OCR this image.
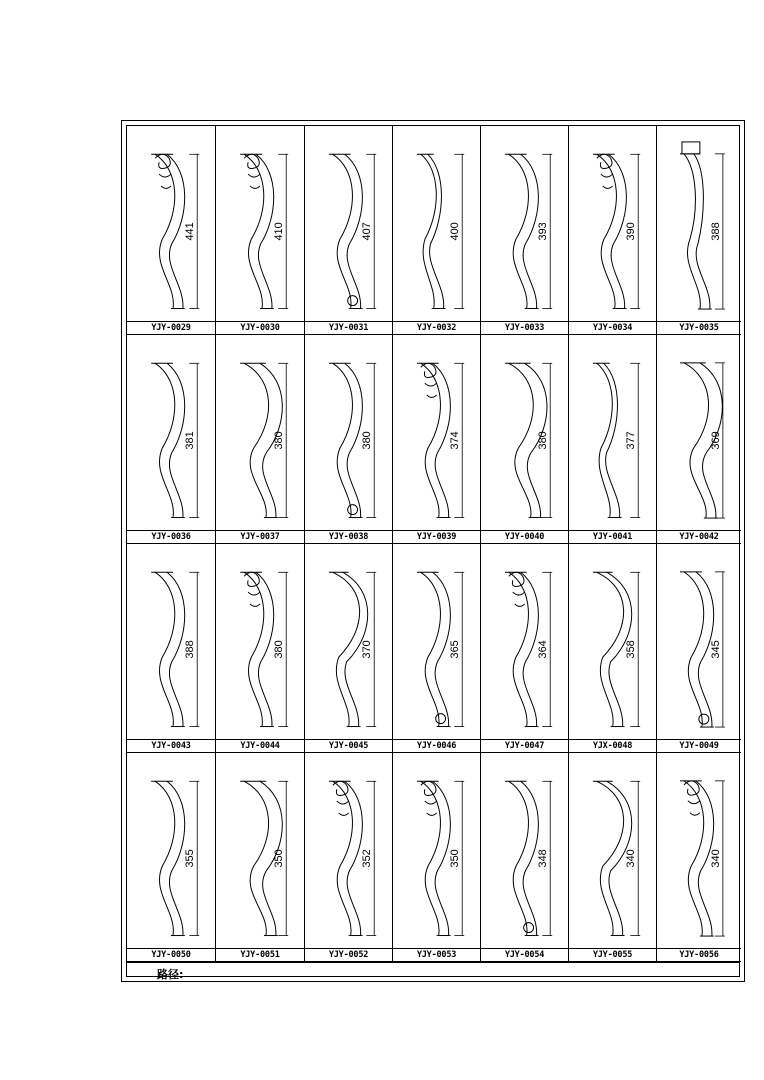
441
YJY-0029
410
YJY-0030
407
YJY-0031
400
YJY-0032
393
YJY-0033
390
YJY-0034
388
YJY-0035
381
YJY-0036
380
YJY-0037
380
YJY-0038
374
YJY-0039
380
YJY-0040
377
YJY-0041
369
YJY-0042
388
YJY-0043
380
YJY-0044
370
YJY-0045
365
YJY-0046
364
YJY-0047
358
YJX-0048
345
YJY-0049
355
YJY-0050
350
YJY-0051
352
YJY-0052
350
YJY-0053
348
YJY-0054
340
YJY-0055
340
YJY-0056
路径:
